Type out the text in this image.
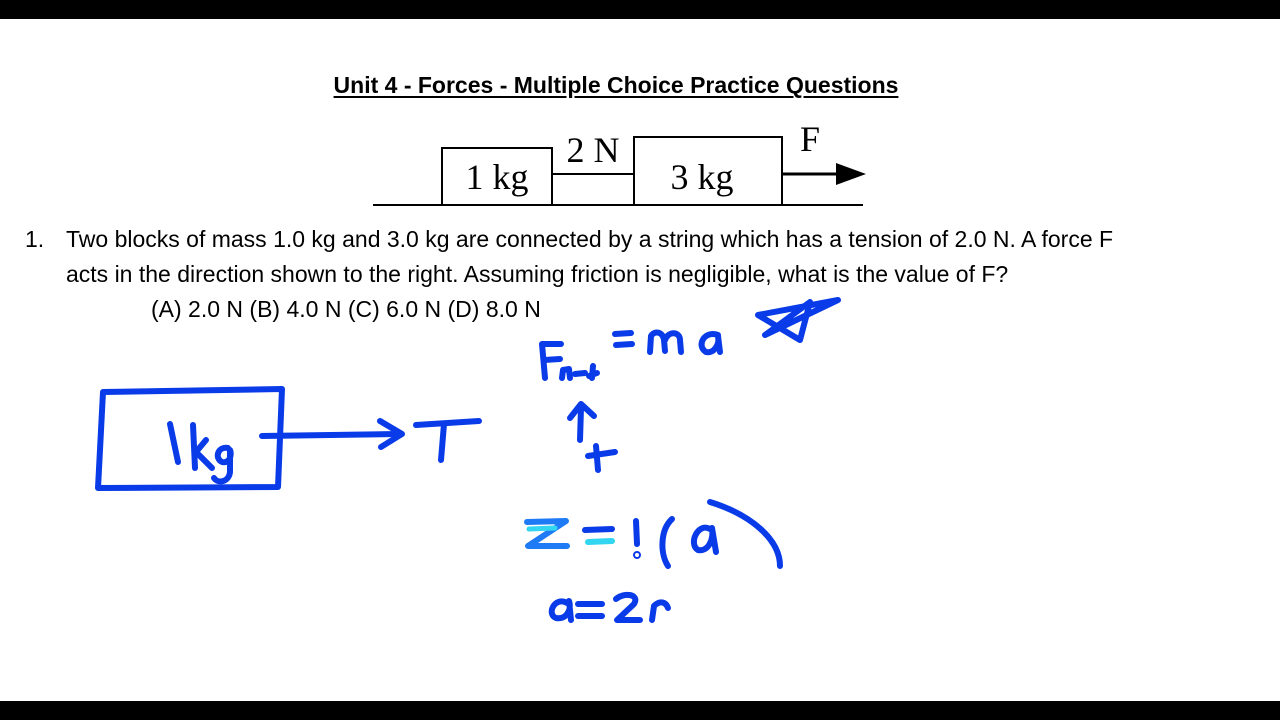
Unit 4 - Forces - Multiple Choice Practice Questions
1 kg
2 N
3 kg
F
1. Two blocks of mass 1.0 kg and 3.0 kg are connected by a string which has a tension of 2.0 N. A force F
acts in the direction shown to the right. Assuming friction is negligible, what is the value of F?
(A) 2.0 N (B) 4.0 N (C) 6.0 N (D) 8.0 N
